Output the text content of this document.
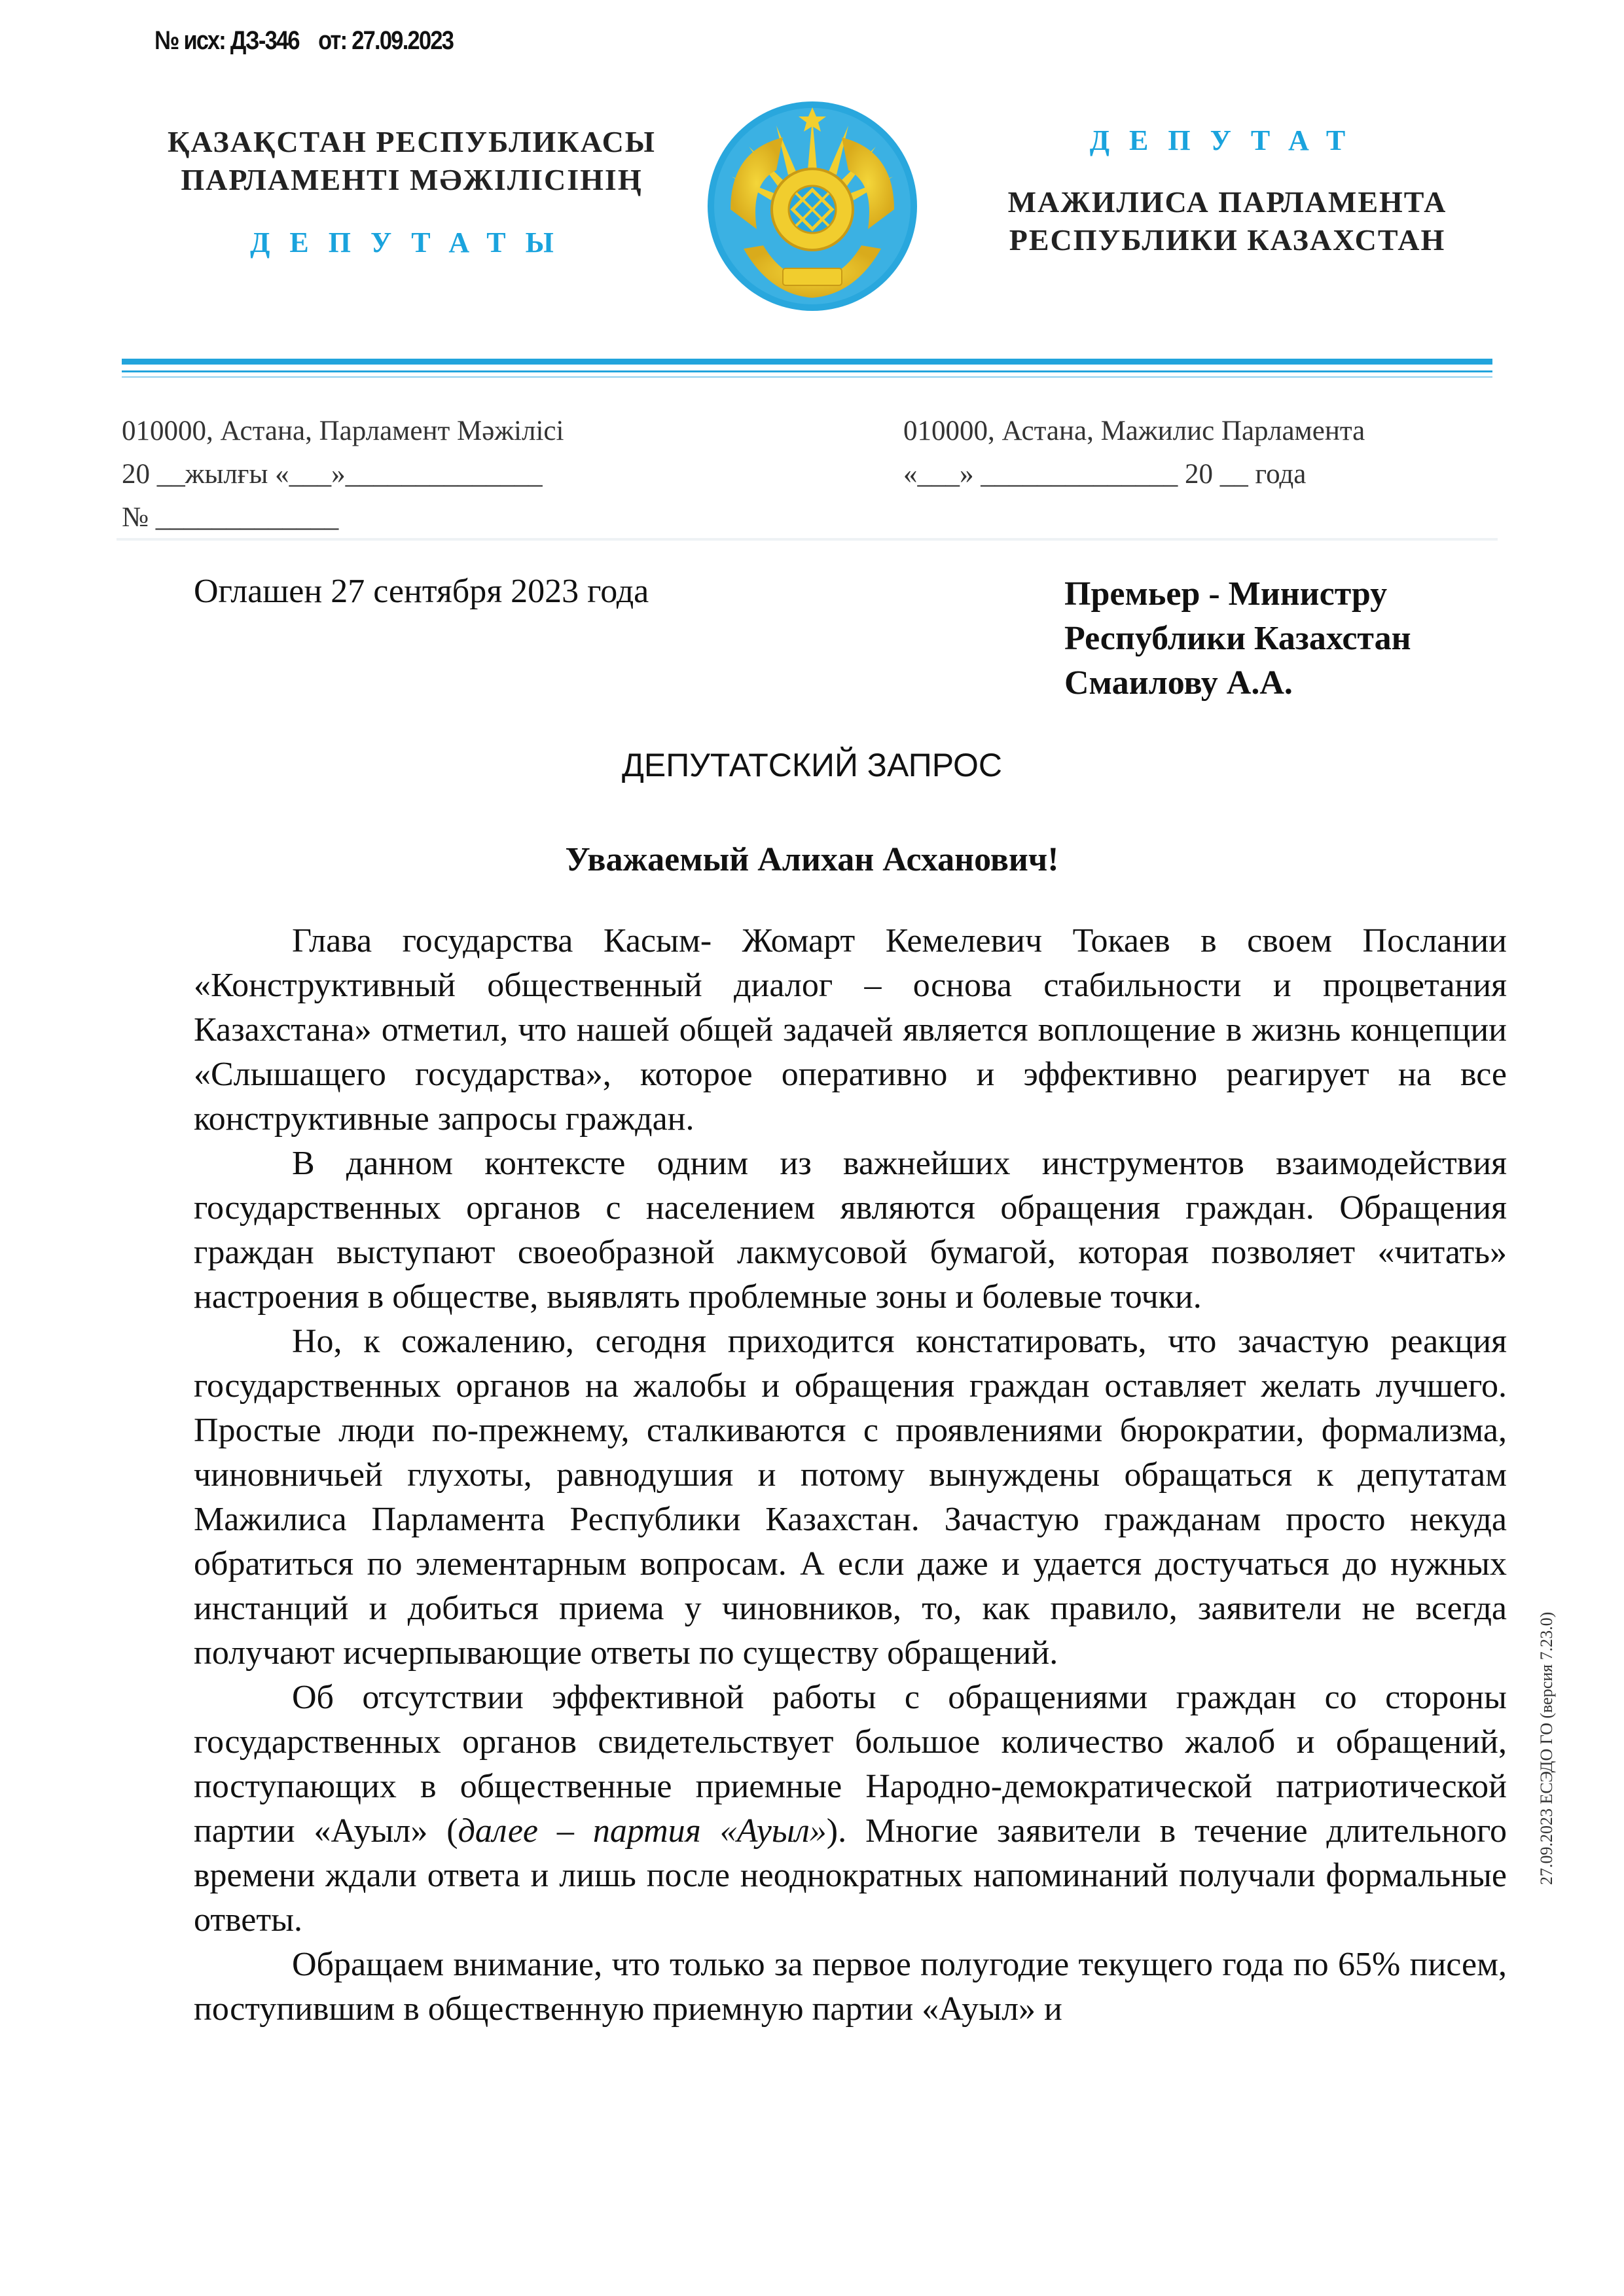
№ исх: ДЗ-346 от: 27.09.2023
ҚАЗАҚСТАН РЕСПУБЛИКАСЫ
ПАРЛАМЕНТІ МӘЖІЛІСІНІҢ
ДЕПУТАТЫ
ДЕПУТАТ
МАЖИЛИСА ПАРЛАМЕНТА
РЕСПУБЛИКИ КАЗАХСТАН
010000, Астана, Парламент Мәжілісі
20 __жылғы «___»______________
№ _____________
010000, Астана, Мажилис Парламента
«___» ______________ 20 __ года
Оглашен 27 сентября 2023 года	Премьер - Министру
Республики Казахстан
Смаилову А.А.
ДЕПУТАТСКИЙ ЗАПРОС
Уважаемый Алихан Асханович!

Глава государства Касым- Жомарт Кемелевич Токаев в своем Послании «Конструктивный общественный диалог – основа стабильности и процветания Казахстана» отметил, что нашей общей задачей является воплощение в жизнь концепции «Слышащего государства», которое оперативно и эффективно реагирует на все конструктивные запросы граждан.

В данном контексте одним из важнейших инструментов взаимодействия государственных органов с населением являются обращения граждан. Обращения граждан выступают своеобразной лакмусовой бумагой, которая позволяет «читать» настроения в обществе, выявлять проблемные зоны и болевые точки.

Но, к сожалению, сегодня приходится констатировать, что зачастую реакция государственных органов на жалобы и обращения граждан оставляет желать лучшего. Простые люди по-прежнему, сталкиваются с проявлениями бюрократии, формализма, чиновничьей глухоты, равнодушия и потому вынуждены обращаться к депутатам Мажилиса Парламента Республики Казахстан. Зачастую гражданам просто некуда обратиться по элементарным вопросам. А если даже и удается достучаться до нужных инстанций и добиться приема у чиновников, то, как правило, заявители не всегда получают исчерпывающие ответы по существу обращений.

Об отсутствии эффективной работы с обращениями граждан со стороны государственных органов свидетельствует большое количество жалоб и обращений, поступающих в общественные приемные Народно-демократической патриотической партии «Ауыл» (далее – партия «Ауыл»). Многие заявители в течение длительного времени ждали ответа и лишь после неоднократных напоминаний получали формальные ответы.

Обращаем внимание, что только за первое полугодие текущего года по 65% писем, поступившим в общественную приемную партии «Ауыл» и

27.09.2023 ЕСЭДО ГО (версия 7.23.0)
